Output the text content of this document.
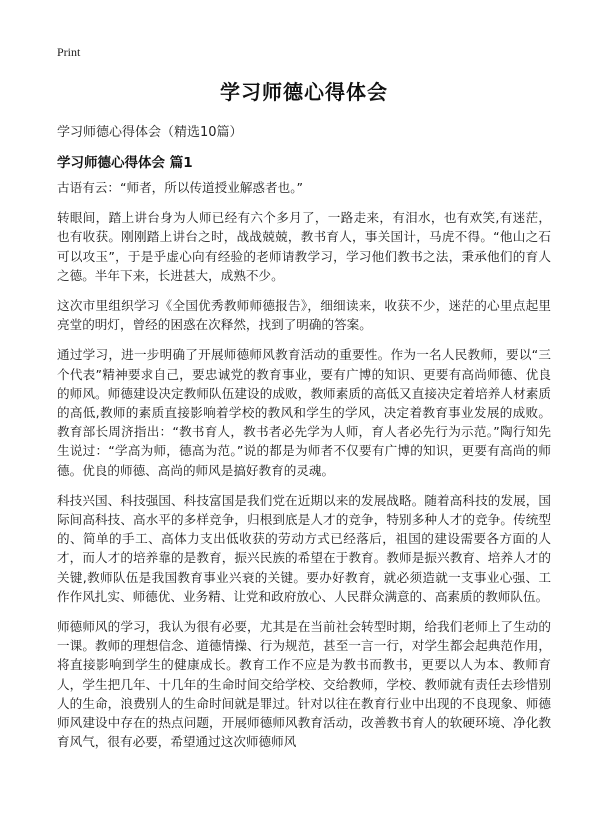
Print
学习师德心得体会
学习师德心得体会（精选10篇）
学习师德心得体会 篇1

古语有云：“师者，所以传道授业解惑者也。”

转眼间，踏上讲台身为人师已经有六个多月了，一路走来，有泪水，也有欢笑,有迷茫，也有收获。刚刚踏上讲台之时，战战兢兢，教书育人，事关国计，马虎不得。“他山之石可以攻玉”，于是乎虚心向有经验的老师请教学习，学习他们教书之法，秉承他们的育人之德。半年下来，长进甚大，成熟不少。

这次市里组织学习《全国优秀教师师德报告》，细细读来，收获不少，迷茫的心里点起里亮堂的明灯，曾经的困惑在次释然，找到了明确的答案。

通过学习，进一步明确了开展师德师风教育活动的重要性。作为一名人民教师，要以“三个代表”精神要求自己，要忠诚党的教育事业，要有广博的知识、更要有高尚师德、优良的师风。师德建设决定教师队伍建设的成败，教师素质的高低又直接决定着培养人材素质的高低,教师的素质直接影响着学校的教风和学生的学风，决定着教育事业发展的成败。教育部长周济指出：“教书育人，教书者必先学为人师，育人者必先行为示范。”陶行知先生说过：“学高为师，德高为范。”说的都是为师者不仅要有广博的知识，更要有高尚的师德。优良的师德、高尚的师风是搞好教育的灵魂。

科技兴国、科技强国、科技富国是我们党在近期以来的发展战略。随着高科技的发展，国际间高科技、高水平的多样竞争，归根到底是人才的竞争，特别多种人才的竞争。传统型的、简单的手工、高体力支出低收获的劳动方式已经落后，祖国的建设需要各方面的人才，而人才的培养靠的是教育，振兴民族的希望在于教育。教师是振兴教育、培养人才的关键,教师队伍是我国教育事业兴衰的关键。要办好教育，就必须造就一支事业心强、工作作风扎实、师德优、业务精、让党和政府放心、人民群众满意的、高素质的教师队伍。

师德师风的学习，我认为很有必要，尤其是在当前社会转型时期，给我们老师上了生动的一课。教师的理想信念、道德情操、行为规范，甚至一言一行，对学生都会起典范作用，将直接影响到学生的健康成长。教育工作不应是为教书而教书，更要以人为本、教师育人，学生把几年、十几年的生命时间交给学校、交给教师，学校、教师就有责任去珍惜别人的生命，浪费别人的生命时间就是罪过。针对以往在教育行业中出现的不良现象、师德师风建设中存在的热点问题，开展师德师风教育活动，改善教书育人的软硬环境、净化教育风气，很有必要，希望通过这次师德师风
